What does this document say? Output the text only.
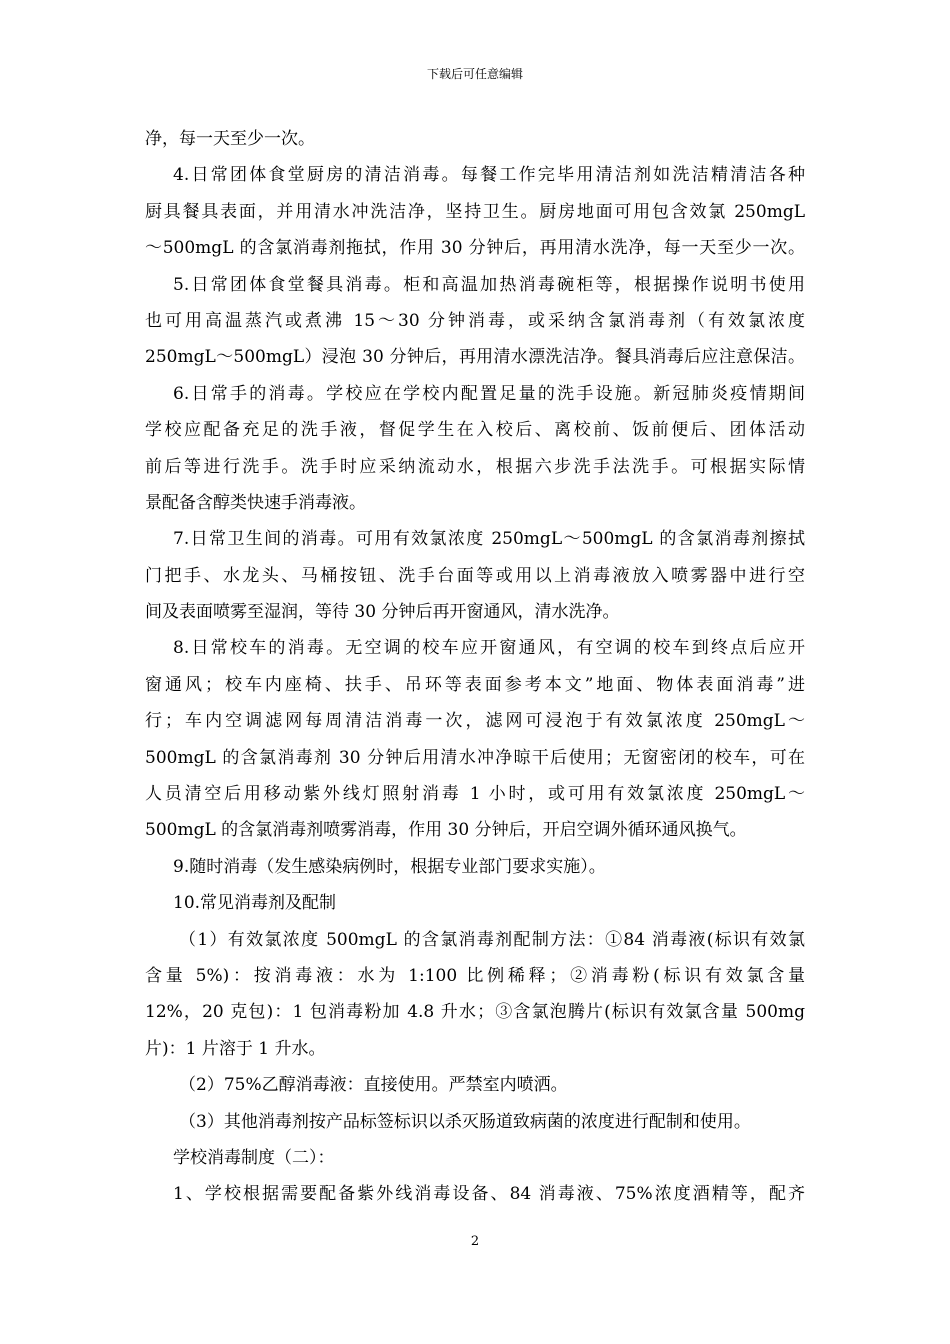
下载后可任意编辑
净，每一天至少一次。
4.日常团体食堂厨房的清洁消毒。每餐工作完毕用清洁剂如洗洁精清洁各种
厨具餐具表面，并用清水冲洗洁净，坚持卫生。厨房地面可用包含效氯 250mgL
～500mgL 的含氯消毒剂拖拭，作用 30 分钟后，再用清水洗净，每一天至少一次。
5.日常团体食堂餐具消毒。柜和高温加热消毒碗柜等，根据操作说明书使用
也可用高温蒸汽或煮沸 15～30 分钟消毒，或采纳含氯消毒剂（有效氯浓度
250mgL～500mgL）浸泡 30 分钟后，再用清水漂洗洁净。餐具消毒后应注意保洁。
6.日常手的消毒。学校应在学校内配置足量的洗手设施。新冠肺炎疫情期间
学校应配备充足的洗手液，督促学生在入校后、离校前、饭前便后、团体活动
前后等进行洗手。洗手时应采纳流动水，根据六步洗手法洗手。可根据实际情
景配备含醇类快速手消毒液。
7.日常卫生间的消毒。可用有效氯浓度 250mgL～500mgL 的含氯消毒剂擦拭
门把手、水龙头、马桶按钮、洗手台面等或用以上消毒液放入喷雾器中进行空
间及表面喷雾至湿润，等待 30 分钟后再开窗通风，清水洗净。
8.日常校车的消毒。无空调的校车应开窗通风，有空调的校车到终点后应开
窗通风；校车内座椅、扶手、吊环等表面参考本文”地面、物体表面消毒”进
行；车内空调滤网每周清洁消毒一次，滤网可浸泡于有效氯浓度 250mgL～
500mgL 的含氯消毒剂 30 分钟后用清水冲净晾干后使用；无窗密闭的校车，可在
人员清空后用移动紫外线灯照射消毒 1 小时，或可用有效氯浓度 250mgL～
500mgL 的含氯消毒剂喷雾消毒，作用 30 分钟后，开启空调外循环通风换气。
9.随时消毒（发生感染病例时，根据专业部门要求实施）。
10.常见消毒剂及配制
（1）有效氯浓度 500mgL 的含氯消毒剂配制方法：①84 消毒液(标识有效氯
含量 5%)：按消毒液：水为 1:100 比例稀释；②消毒粉(标识有效氯含量
12%，20 克包)：1 包消毒粉加 4.8 升水；③含氯泡腾片(标识有效氯含量 500mg
片)：1 片溶于 1 升水。
（2）75%乙醇消毒液：直接使用。严禁室内喷洒。
（3）其他消毒剂按产品标签标识以杀灭肠道致病菌的浓度进行配制和使用。
学校消毒制度（二）：
1、学校根据需要配备紫外线消毒设备、84 消毒液、75%浓度酒精等，配齐
2
